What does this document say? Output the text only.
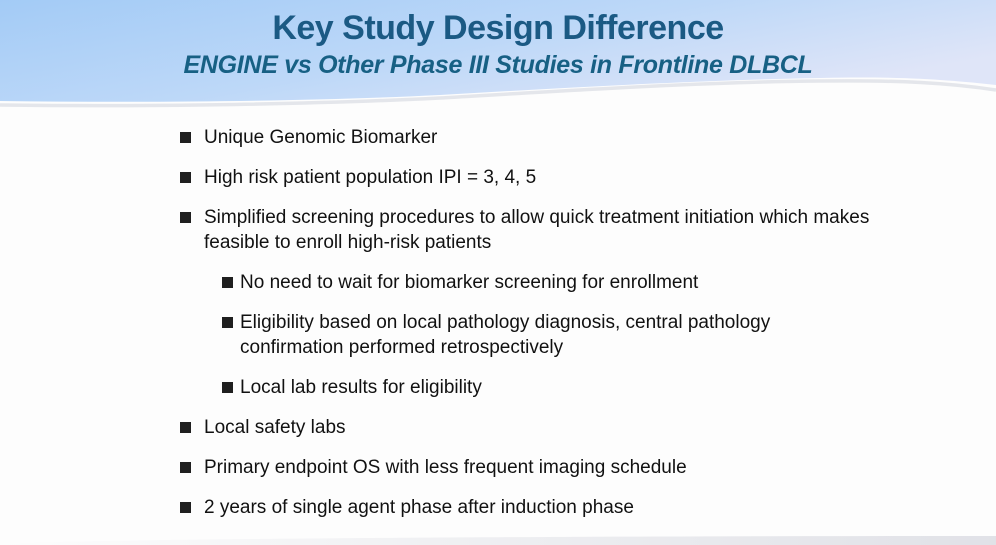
Key Study Design Difference
ENGINE vs Other Phase III Studies in Frontline DLBCL
Unique Genomic Biomarker
High risk patient population IPI = 3, 4, 5
Simplified screening procedures to allow quick treatment initiation which makes feasible to enroll high-risk patients
No need to wait for biomarker screening for enrollment
Eligibility based on local pathology diagnosis, central pathology confirmation performed retrospectively
Local lab results for eligibility
Local safety labs
Primary endpoint OS with less frequent imaging schedule
2 years of single agent phase after induction phase
